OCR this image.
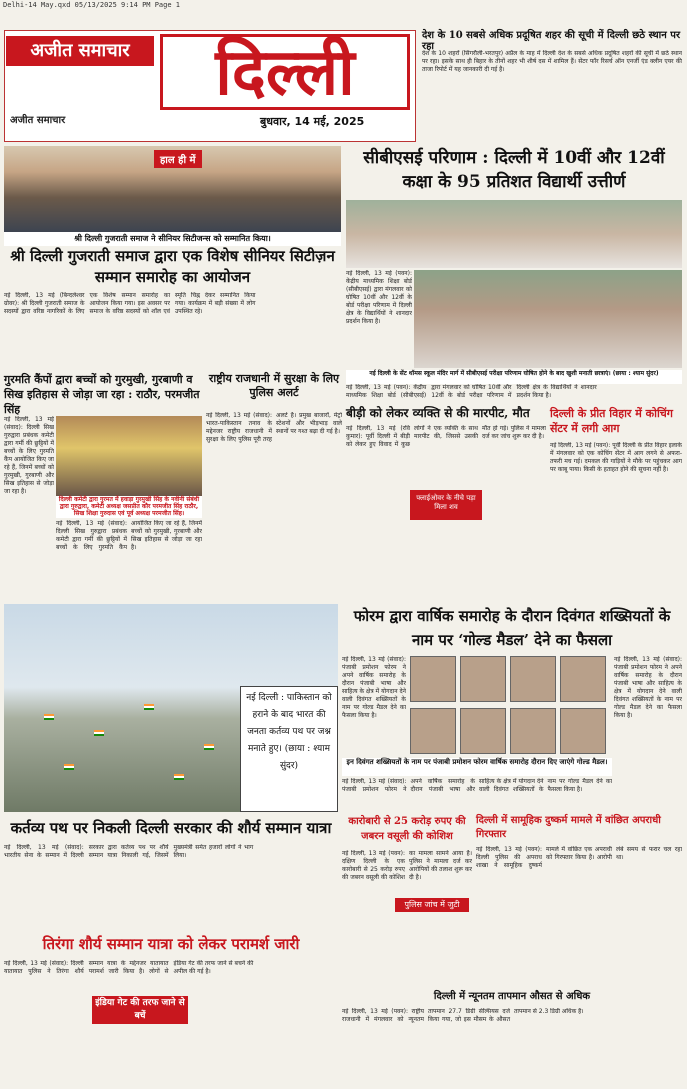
Delhi-14 May.qxd 05/13/2025 9:14 PM Page 1
अजीत समाचार
अजीत समाचार
दिल्ली
बुधवार, 14 मई, 2025
देश के 10 सबसे अधिक प्रदूषित शहर की सूची में दिल्ली छठे स्थान पर रहा
देश के 10 शहरों (सिंगरौली-भरतपुर) अप्रैल के माह में दिल्ली देश के सबसे अधिक प्रदूषित शहरों की सूची में छठे स्थान पर रहा। इसके साथ ही बिहार के तीनों शहर भी शीर्ष दस में शामिल हैं। सेंटर फॉर रिसर्च ऑन एनर्जी एंड क्लीन एयर की ताजा रिपोर्ट में यह जानकारी दी गई है।
हाल ही में
श्री दिल्ली गुजराती समाज ने सीनियर सिटीजन्स को सम्मानित किया।
श्री दिल्ली गुजराती समाज द्वारा एक विशेष सीनियर सिटीज़न सम्मान समारोह का आयोजन
नई दिल्ली, 13 मई (बिन्दलेश्वर ग्रोवर): श्री दिल्ली गुजराती समाज के सदस्यों द्वारा वरिष्ठ नागरिकों के लिए एक विशेष सम्मान समारोह का आयोजन किया गया। इस अवसर पर समाज के वरिष्ठ सदस्यों को शॉल एवं स्मृति चिह्न देकर सम्मानित किया गया। कार्यक्रम में बड़ी संख्या में लोग उपस्थित रहे।
सीबीएसई परिणाम : दिल्ली में 10वीं और 12वीं कक्षा के 95 प्रतिशत विद्यार्थी उत्तीर्ण
नई दिल्ली, 13 मई (पवन): केंद्रीय माध्यमिक शिक्षा बोर्ड (सीबीएसई) द्वारा मंगलवार को घोषित 10वीं और 12वीं के बोर्ड परीक्षा परिणाम में दिल्ली क्षेत्र के विद्यार्थियों ने शानदार प्रदर्शन किया है।
नई दिल्ली के सेंट थॉमस स्कूल मंदिर मार्ग में सीबीएसई परीक्षा परिणाम घोषित होने के बाद खुशी मनाती छात्राएं। (छाया : श्याम सुंदर)
नई दिल्ली, 13 मई (पवन): केंद्रीय माध्यमिक शिक्षा बोर्ड (सीबीएसई) द्वारा मंगलवार को घोषित 10वीं और 12वीं के बोर्ड परीक्षा परिणाम में दिल्ली क्षेत्र के विद्यार्थियों ने शानदार प्रदर्शन किया है।
गुरमति कैंपों द्वारा बच्चों को गुरमुखी, गुरबाणी व सिख इतिहास से जोड़ा जा रहा : राठौर, परमजीत सिंह
नई दिल्ली, 13 मई (संवाद): दिल्ली सिख गुरुद्वारा प्रबंधक कमेटी द्वारा गर्मी की छुट्टियों में बच्चों के लिए गुरमति कैंप आयोजित किए जा रहे हैं, जिनमें बच्चों को गुरमुखी, गुरबाणी और सिख इतिहास से जोड़ा जा रहा है।
दिल्ली कमेटी द्वारा गुरमत में हवाड़ा गुरमुखी सिंह के नवीनी संबंधी द्वारा गुरुद्वारा, कमेटी अध्यक्ष जसप्रीत कौर परमजीत सिंह राठौर, सिख शिक्षा गुरुदास एवं पूर्व अध्यक्ष परमजीत सिंह।
नई दिल्ली, 13 मई (संवाद): दिल्ली सिख गुरुद्वारा प्रबंधक कमेटी द्वारा गर्मी की छुट्टियों में बच्चों के लिए गुरमति कैंप आयोजित किए जा रहे हैं, जिनमें बच्चों को गुरमुखी, गुरबाणी और सिख इतिहास से जोड़ा जा रहा है।
राष्ट्रीय राजधानी में सुरक्षा के लिए पुलिस अलर्ट
नई दिल्ली, 13 मई (संवाद): भारत-पाकिस्तान तनाव के मद्देनजर राष्ट्रीय राजधानी में सुरक्षा के लिए पुलिस पूरी तरह अलर्ट है। प्रमुख बाजारों, मेट्रो स्टेशनों और भीड़भाड़ वाले स्थानों पर गश्त बढ़ा दी गई है।
बीड़ी को लेकर व्यक्ति से की मारपीट, मौत
नई दिल्ली, 13 मई (रवि कुमार): पूर्वी दिल्ली में बीड़ी को लेकर हुए विवाद में कुछ लोगों ने एक व्यक्ति के साथ मारपीट की, जिससे उसकी मौत हो गई। पुलिस ने मामला दर्ज कर जांच शुरू कर दी है।
फ्लाईओवर के नीचे पड़ा मिला शव
दिल्ली के प्रीत विहार में कोचिंग सेंटर में लगी आग
नई दिल्ली, 13 मई (पवन): पूर्वी दिल्ली के प्रीत विहार इलाके में मंगलवार को एक कोचिंग सेंटर में आग लगने से अफरा-तफरी मच गई। दमकल की गाड़ियों ने मौके पर पहुंचकर आग पर काबू पाया। किसी के हताहत होने की सूचना नहीं है।
नई दिल्ली : पाकिस्तान को हराने के बाद भारत की जनता कर्तव्य पथ पर जश्न मनाते हुए। (छाया : श्याम सुंदर)
फोरम द्वारा वार्षिक समारोह के दौरान दिवंगत शख्सियतों के नाम पर ‘गोल्ड मैडल’ देने का फैसला
नई दिल्ली, 13 मई (संवाद): पंजाबी प्रमोशन फोरम ने अपने वार्षिक समारोह के दौरान पंजाबी भाषा और साहित्य के क्षेत्र में योगदान देने वाली दिवंगत शख्सियतों के नाम पर गोल्ड मैडल देने का फैसला किया है।
नई दिल्ली, 13 मई (संवाद): पंजाबी प्रमोशन फोरम ने अपने वार्षिक समारोह के दौरान पंजाबी भाषा और साहित्य के क्षेत्र में योगदान देने वाली दिवंगत शख्सियतों के नाम पर गोल्ड मैडल देने का फैसला किया है।
इन दिवंगत शख्सियतों के नाम पर पंजाबी प्रमोशन फोरम वार्षिक समारोह दौरान दिए जाएंगे गोल्ड मैडल।
नई दिल्ली, 13 मई (संवाद): पंजाबी प्रमोशन फोरम ने अपने वार्षिक समारोह के दौरान पंजाबी भाषा और साहित्य के क्षेत्र में योगदान देने वाली दिवंगत शख्सियतों के नाम पर गोल्ड मैडल देने का फैसला किया है।
कर्तव्य पथ पर निकली दिल्ली सरकार की शौर्य सम्मान यात्रा
नई दिल्ली, 13 मई (संवाद): भारतीय सेना के सम्मान में दिल्ली सरकार द्वारा कर्तव्य पथ पर शौर्य सम्मान यात्रा निकाली गई, जिसमें मुख्यमंत्री समेत हजारों लोगों ने भाग लिया।
कारोबारी से 25 करोड़ रुपए की जबरन वसूली की कोशिश
नई दिल्ली, 13 मई (पवन): दक्षिण दिल्ली के एक कारोबारी से 25 करोड़ रुपए की जबरन वसूली की कोशिश का मामला सामने आया है। पुलिस ने मामला दर्ज कर आरोपियों की तलाश शुरू कर दी है।
पुलिस जांच में जुटी
दिल्ली में सामूहिक दुष्कर्म मामले में वांछित अपराधी गिरफ्तार
नई दिल्ली, 13 मई (पवन): दिल्ली पुलिस की अपराध शाखा ने सामूहिक दुष्कर्म मामले में वांछित एक अपराधी को गिरफ्तार किया है। आरोपी लंबे समय से फरार चल रहा था।
तिरंगा शौर्य सम्मान यात्रा को लेकर परामर्श जारी
नई दिल्ली, 13 मई (संवाद): दिल्ली यातायात पुलिस ने तिरंगा शौर्य सम्मान यात्रा के मद्देनजर यातायात परामर्श जारी किया है। लोगों से इंडिया गेट की तरफ जाने से बचने की अपील की गई है।
इंडिया गेट की तरफ जाने से बचें
दिल्ली में न्यूनतम तापमान औसत से अधिक
नई दिल्ली, 13 मई (पवन): राष्ट्रीय राजधानी में मंगलवार को न्यूनतम तापमान 27.7 डिग्री सेल्सियस दर्ज किया गया, जो इस मौसम के औसत तापमान से 2.3 डिग्री अधिक है।
